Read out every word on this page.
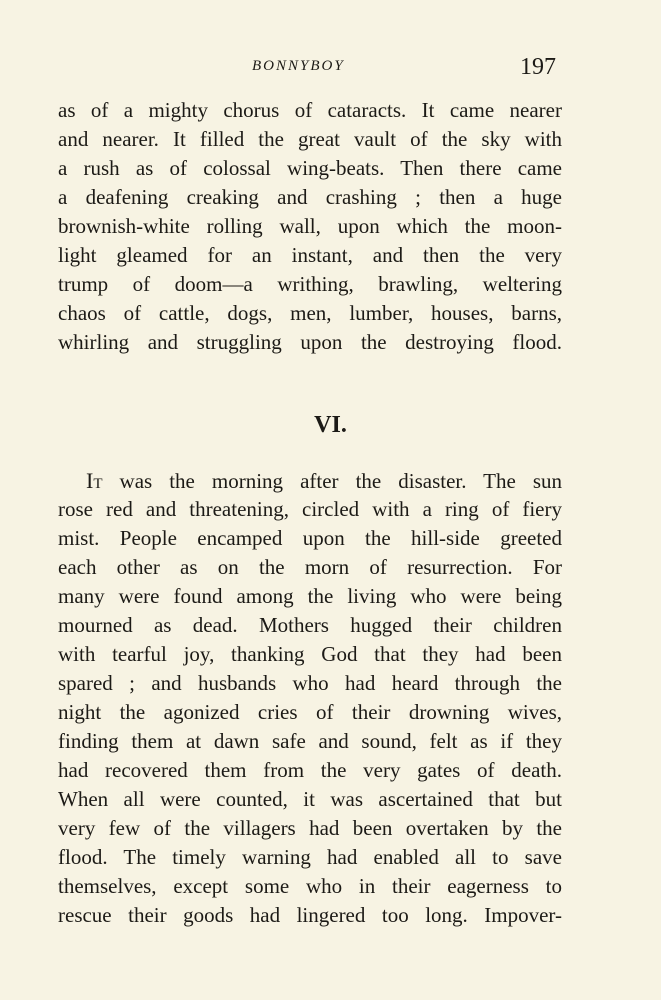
BONNYBOY	197
as of a mighty chorus of cataracts. It came nearer
and nearer. It filled the great vault of the sky with
a rush as of colossal wing-beats. Then there came
a deafening creaking and crashing ; then a huge
brownish-white rolling wall, upon which the moon-
light gleamed for an instant, and then the very
trump of doom—a writhing, brawling, weltering
chaos of cattle, dogs, men, lumber, houses, barns,
whirling and struggling upon the destroying flood.
VI.
It was the morning after the disaster. The sun
rose red and threatening, circled with a ring of fiery
mist. People encamped upon the hill-side greeted
each other as on the morn of resurrection. For
many were found among the living who were being
mourned as dead. Mothers hugged their children
with tearful joy, thanking God that they had been
spared ; and husbands who had heard through the
night the agonized cries of their drowning wives,
finding them at dawn safe and sound, felt as if they
had recovered them from the very gates of death.
When all were counted, it was ascertained that but
very few of the villagers had been overtaken by the
flood. The timely warning had enabled all to save
themselves, except some who in their eagerness to
rescue their goods had lingered too long. Impover-
